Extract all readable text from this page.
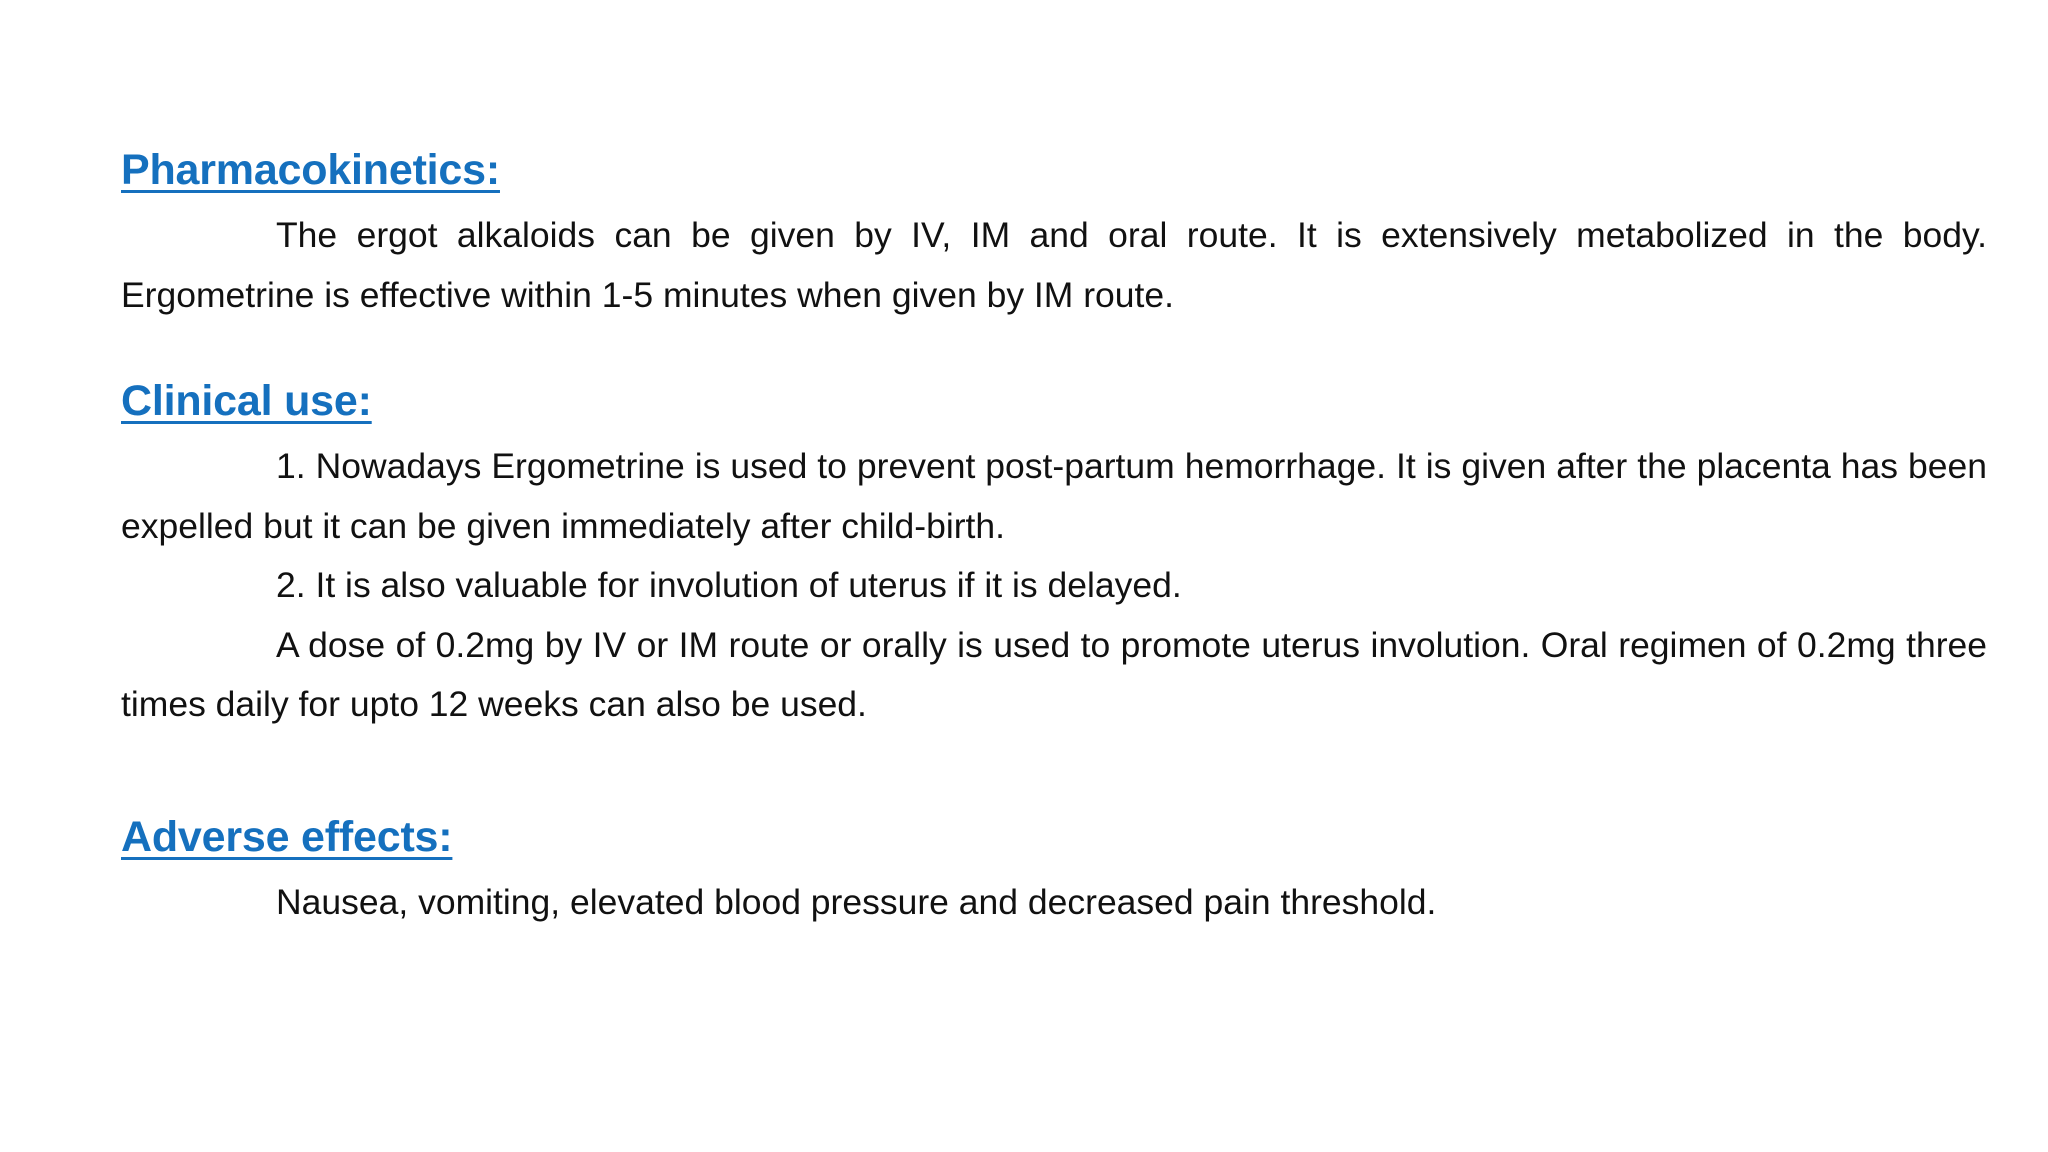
Pharmacokinetics:

The ergot alkaloids can be given by IV, IM and oral route. It is extensively metabolized in the body. Ergometrine is effective within 1-5 minutes when given by IM route.

Clinical use:

1. Nowadays Ergometrine is used to prevent post-partum hemorrhage. It is given after the placenta has been expelled but it can be given immediately after child-birth.

2. It is also valuable for involution of uterus if it is delayed.

A dose of 0.2mg by IV or IM route or orally is used to promote uterus involution. Oral regimen of 0.2mg three times daily for upto 12 weeks can also be used.

Adverse effects:

Nausea, vomiting, elevated blood pressure and decreased pain threshold.
